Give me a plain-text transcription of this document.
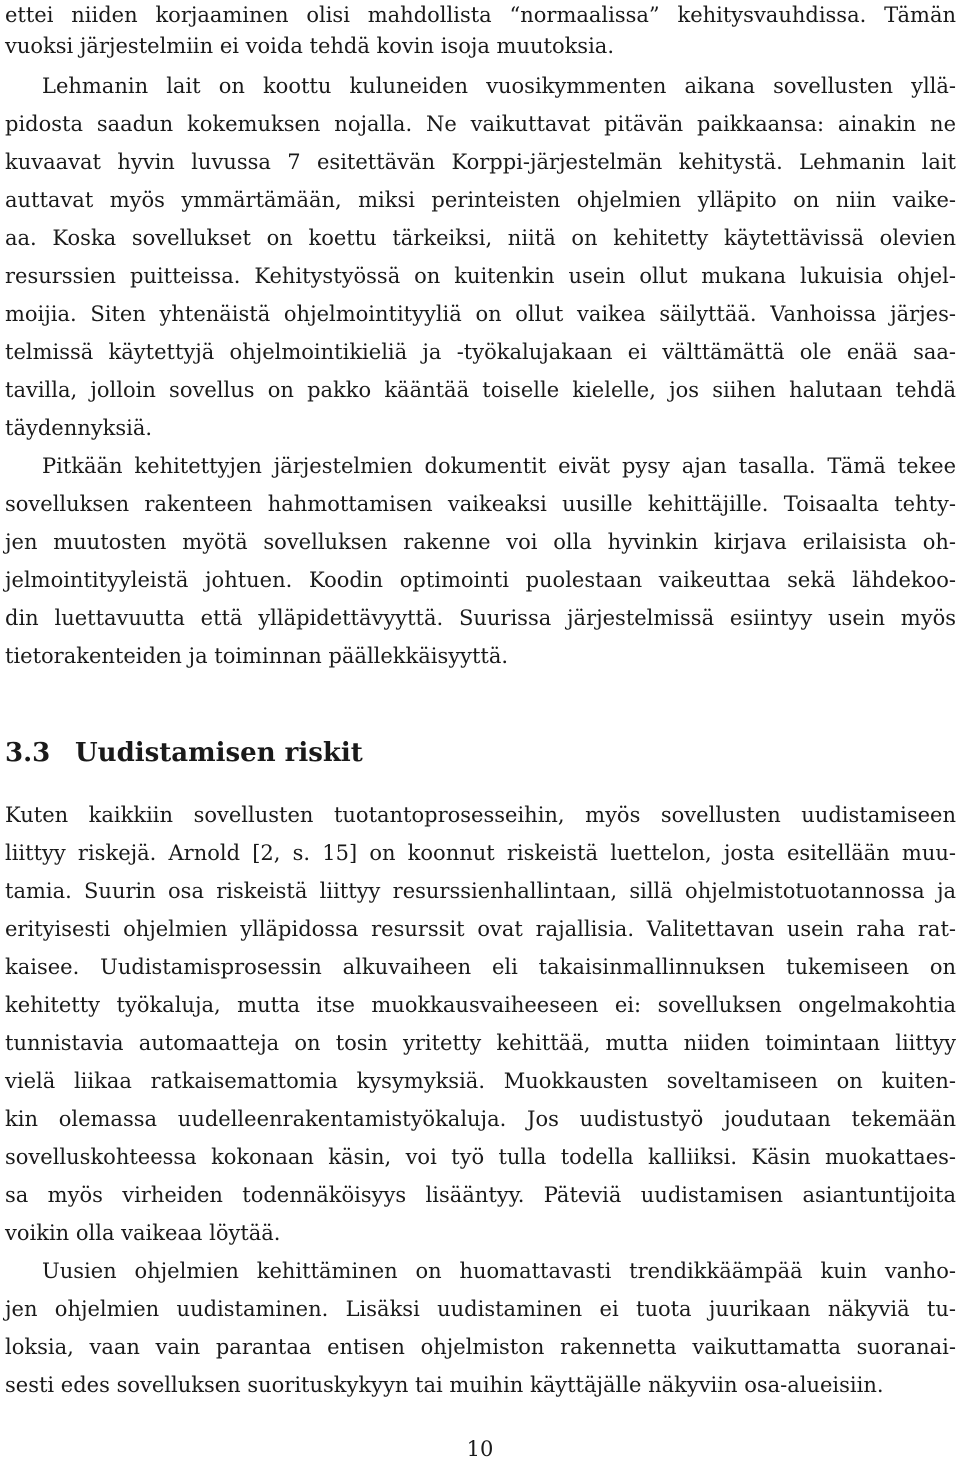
ettei niiden korjaaminen olisi mahdollista “normaalissa” kehitysvauhdissa. Tämän
vuoksi järjestelmiin ei voida tehdä kovin isoja muutoksia.
Lehmanin lait on koottu kuluneiden vuosikymmenten aikana sovellusten yllä-
pidosta saadun kokemuksen nojalla. Ne vaikuttavat pitävän paikkaansa: ainakin ne
kuvaavat hyvin luvussa 7 esitettävän Korppi-järjestelmän kehitystä. Lehmanin lait
auttavat myös ymmärtämään, miksi perinteisten ohjelmien ylläpito on niin vaike-
aa. Koska sovellukset on koettu tärkeiksi, niitä on kehitetty käytettävissä olevien
resurssien puitteissa. Kehitystyössä on kuitenkin usein ollut mukana lukuisia ohjel-
moijia. Siten yhtenäistä ohjelmointityyliä on ollut vaikea säilyttää. Vanhoissa järjes-
telmissä käytettyjä ohjelmointikieliä ja -työkalujakaan ei välttämättä ole enää saa-
tavilla, jolloin sovellus on pakko kääntää toiselle kielelle, jos siihen halutaan tehdä
täydennyksiä.
Pitkään kehitettyjen järjestelmien dokumentit eivät pysy ajan tasalla. Tämä tekee
sovelluksen rakenteen hahmottamisen vaikeaksi uusille kehittäjille. Toisaalta tehty-
jen muutosten myötä sovelluksen rakenne voi olla hyvinkin kirjava erilaisista oh-
jelmointityyleistä johtuen. Koodin optimointi puolestaan vaikeuttaa sekä lähdekoo-
din luettavuutta että ylläpidettävyyttä. Suurissa järjestelmissä esiintyy usein myös
tietorakenteiden ja toiminnan päällekkäisyyttä.
3.3 Uudistamisen riskit
Kuten kaikkiin sovellusten tuotantoprosesseihin, myös sovellusten uudistamiseen
liittyy riskejä. Arnold [2, s. 15] on koonnut riskeistä luettelon, josta esitellään muu-
tamia. Suurin osa riskeistä liittyy resurssienhallintaan, sillä ohjelmistotuotannossa ja
erityisesti ohjelmien ylläpidossa resurssit ovat rajallisia. Valitettavan usein raha rat-
kaisee. Uudistamisprosessin alkuvaiheen eli takaisinmallinnuksen tukemiseen on
kehitetty työkaluja, mutta itse muokkausvaiheeseen ei: sovelluksen ongelmakohtia
tunnistavia automaatteja on tosin yritetty kehittää, mutta niiden toimintaan liittyy
vielä liikaa ratkaisemattomia kysymyksiä. Muokkausten soveltamiseen on kuiten-
kin olemassa uudelleenrakentamistyökaluja. Jos uudistustyö joudutaan tekemään
sovelluskohteessa kokonaan käsin, voi työ tulla todella kalliiksi. Käsin muokattaes-
sa myös virheiden todennäköisyys lisääntyy. Päteviä uudistamisen asiantuntijoita
voikin olla vaikeaa löytää.
Uusien ohjelmien kehittäminen on huomattavasti trendikkäämpää kuin vanho-
jen ohjelmien uudistaminen. Lisäksi uudistaminen ei tuota juurikaan näkyviä tu-
loksia, vaan vain parantaa entisen ohjelmiston rakennetta vaikuttamatta suoranai-
sesti edes sovelluksen suorituskykyyn tai muihin käyttäjälle näkyviin osa-alueisiin.
10
